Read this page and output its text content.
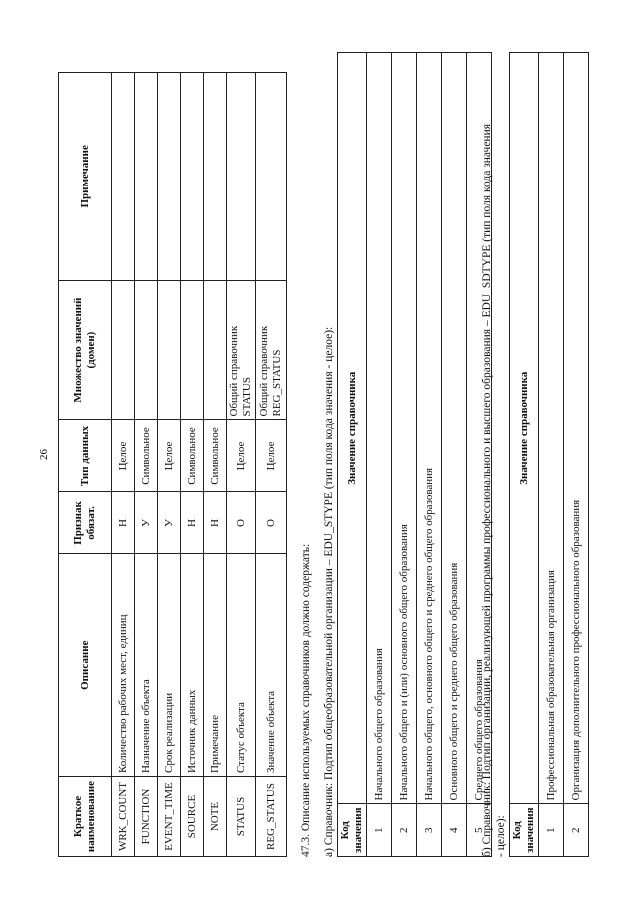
26
Краткое наименование	Описание	Признак обязат.	Тип данных	Множество значений (домен)	Примечание
WRK_COUNT	Количество рабочих мест, единиц	Н	Целое		
FUNCTION	Назначение объекта	У	Символьное		
EVENT_TIME	Срок реализации	У	Целое		
SOURCE	Источник данных	Н	Символьное		
NOTE	Примечание	Н	Символьное		
STATUS	Статус объекта	О	Целое	Общий справочник STATUS	
REG_STATUS	Значение объекта	О	Целое	Общий справочник REG_STATUS	
47.3. Описание используемых справочников должно содержать: а) Справочник: Подтип общеобразовательной организации – EDU_STYPE (тип поля кода значения - целое): Код значения	Значение справочника
1	Начального общего образования
2	Начального общего и (или) основного общего образования
3	Начального общего, основного общего и среднего общего образования
4	Основного общего и среднего общего образования
5	Среднего общего образования
б) Справочник: Подтип организации, реализующей программы профессионального и высшего образования – EDU_SDTYPE (тип поля кода значения - целое): Код значения	Значение справочника
1	Профессиональная образовательная организация
2	Организация дополнительного профессионального образования
